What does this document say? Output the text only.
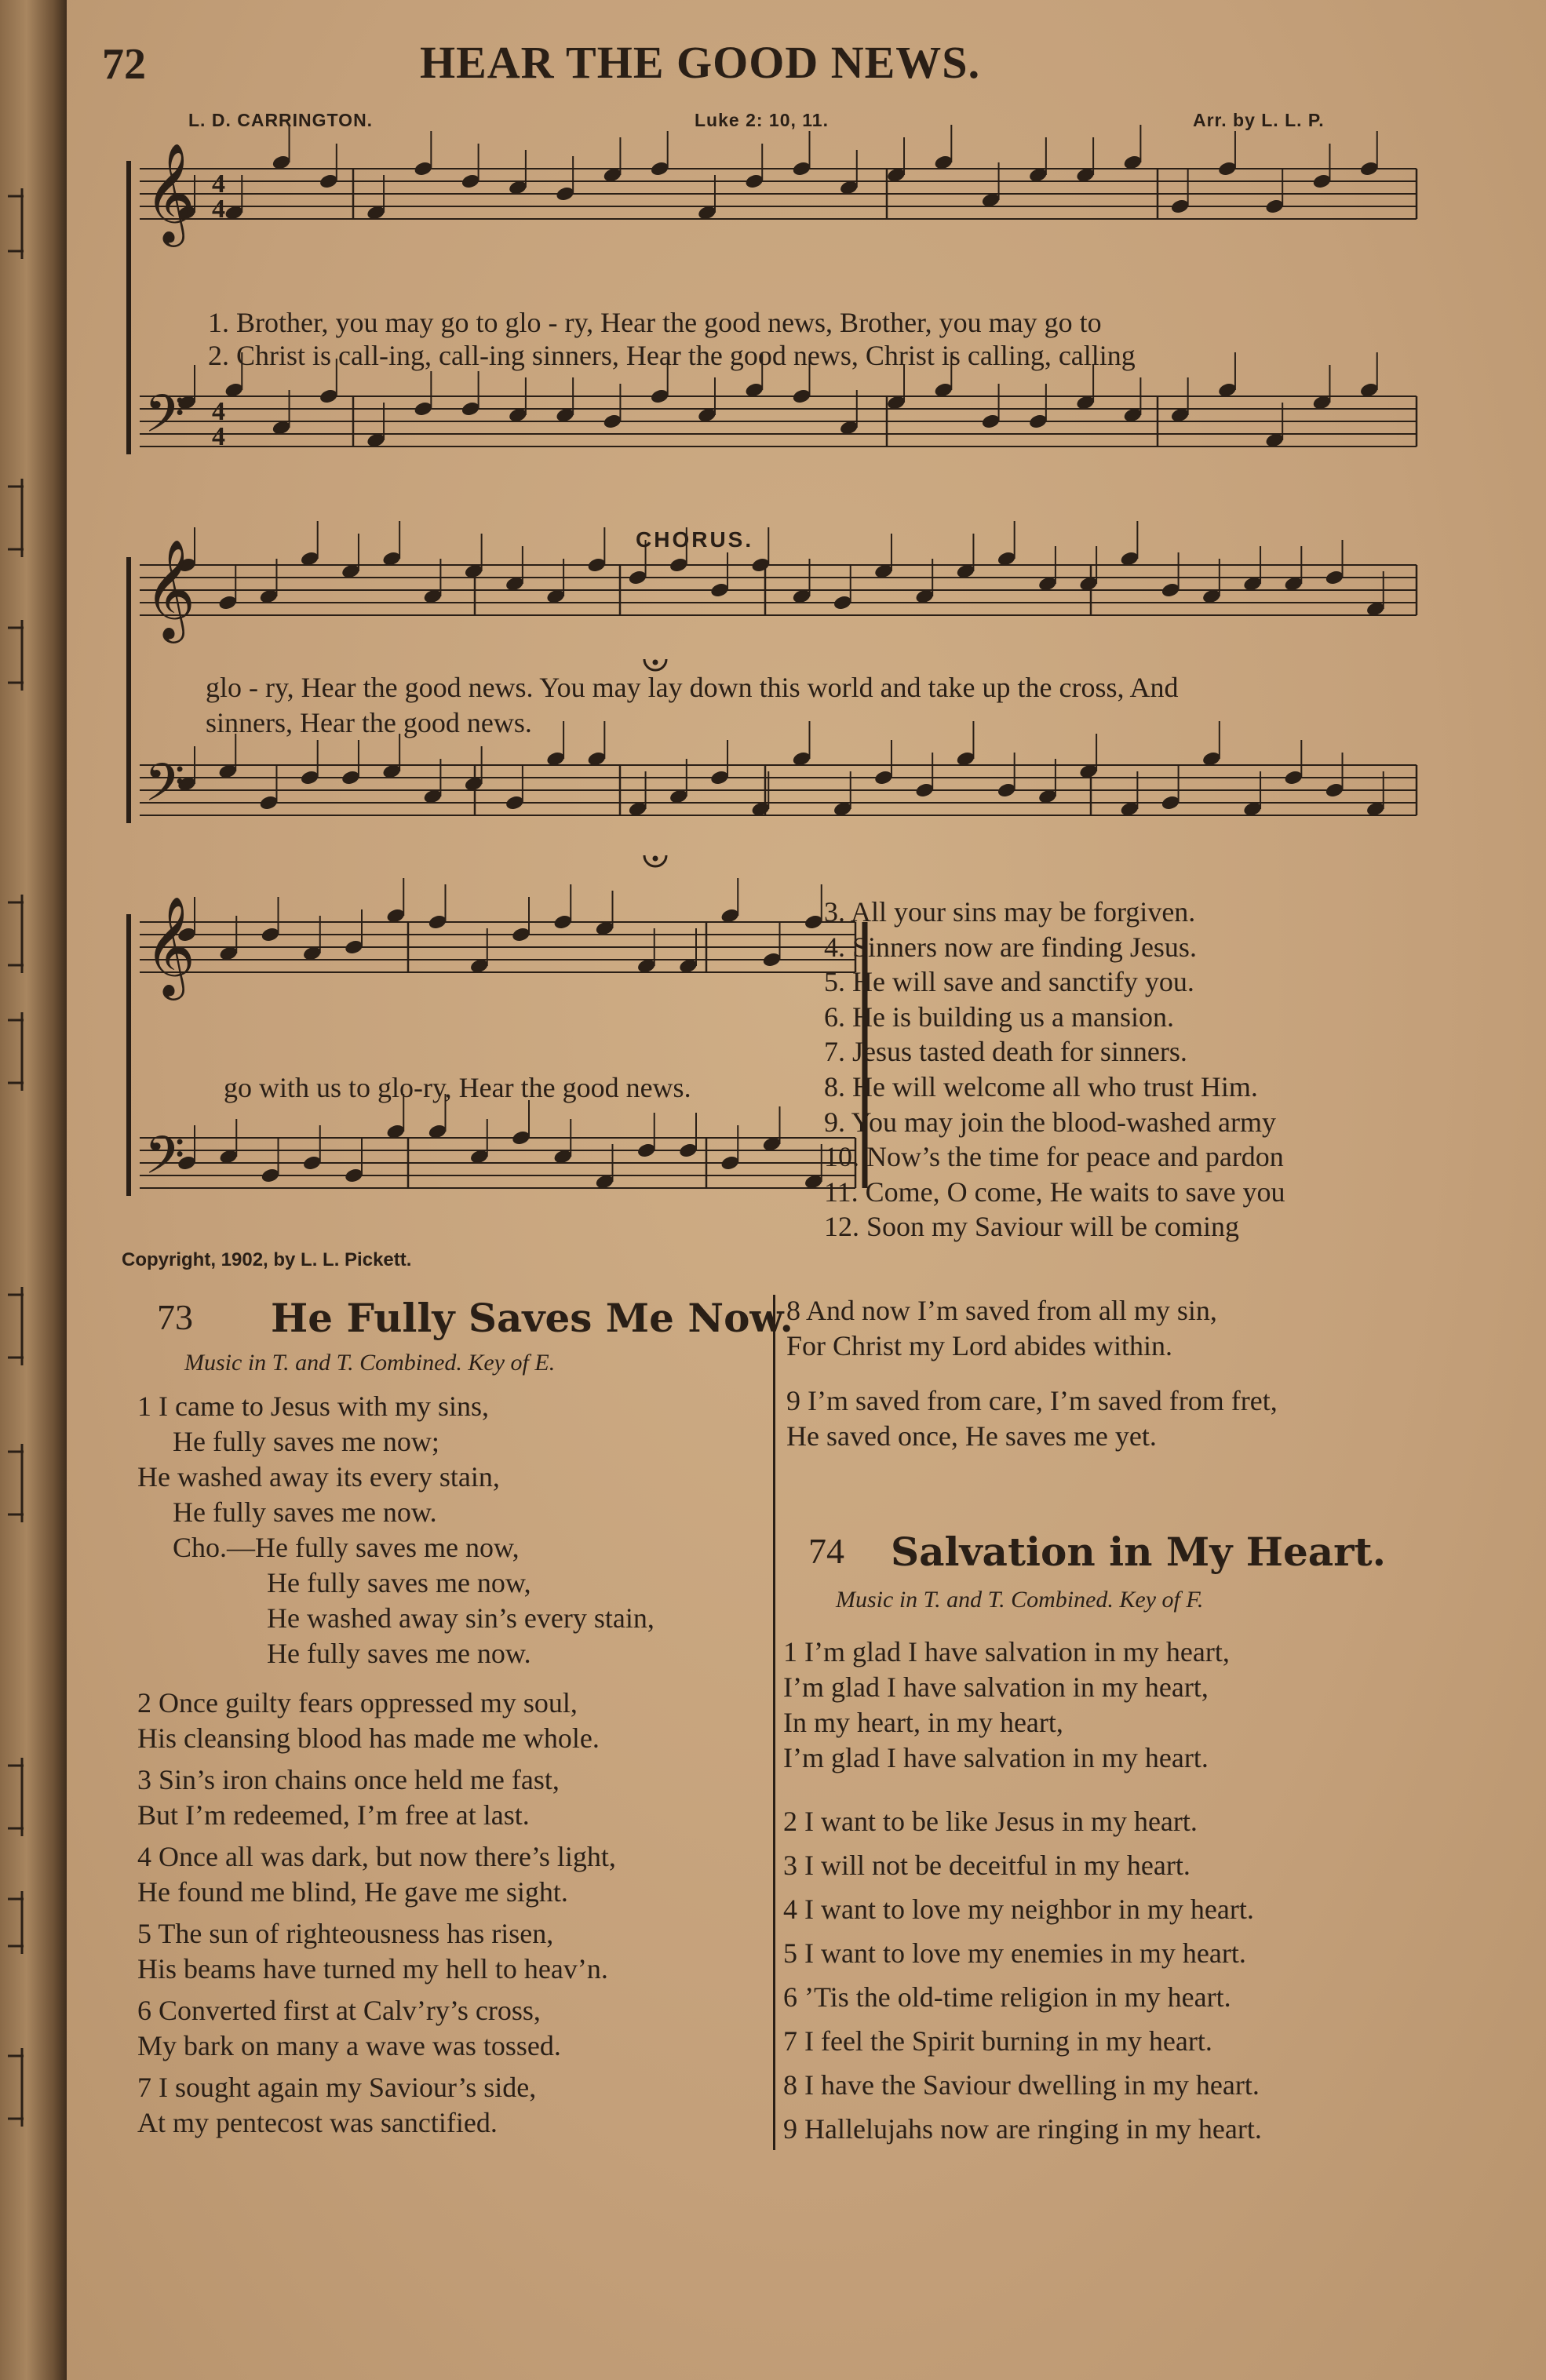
72	HEAR THE GOOD NEWS.
L. D. CARRINGTON.	Luke 2: 10, 11.	Arr. by L. L. P.
𝄞
𝄢
𝄞
𝄢
𝄞
𝄢
4
4
4
4
1. Brother, you may go to glo - ry, Hear the good news, Brother, you may go to
2. Christ is call-ing, call-ing sinners, Hear the good news, Christ is calling, calling
CHORUS.
glo - ry, Hear the good news. You may lay down this world and take up the cross, And
sinners, Hear the good news.
go with us to glo-ry, Hear the good news.
3. All your sins may be forgiven.
4. Sinners now are finding Jesus.
5. He will save and sanctify you.
6. He is building us a mansion.
7. Jesus tasted death for sinners.
8. He will welcome all who trust Him.
9. You may join the blood-washed army
10. Now’s the time for peace and pardon
11. Come, O come, He waits to save you
12. Soon my Saviour will be coming
Copyright, 1902, by L. L. Pickett.
73 He Fully Saves Me Now.
Music in T. and T. Combined. Key of E.
1 I came to Jesus with my sins,
He fully saves me now;
He washed away its every stain,
He fully saves me now.
Cho.—He fully saves me now,
He fully saves me now,
He washed away sin’s every stain,
He fully saves me now.
2 Once guilty fears oppressed my soul,
His cleansing blood has made me whole.
3 Sin’s iron chains once held me fast,
But I’m redeemed, I’m free at last.
4 Once all was dark, but now there’s light,
He found me blind, He gave me sight.
5 The sun of righteousness has risen,
His beams have turned my hell to heav’n.
6 Converted first at Calv’ry’s cross,
My bark on many a wave was tossed.
7 I sought again my Saviour’s side,
At my pentecost was sanctified.
8 And now I’m saved from all my sin,
For Christ my Lord abides within.
9 I’m saved from care, I’m saved from fret,
He saved once, He saves me yet.
74 Salvation in My Heart.
Music in T. and T. Combined. Key of F.
1 I’m glad I have salvation in my heart,
I’m glad I have salvation in my heart,
In my heart, in my heart,
I’m glad I have salvation in my heart.
2 I want to be like Jesus in my heart.
3 I will not be deceitful in my heart.
4 I want to love my neighbor in my heart.
5 I want to love my enemies in my heart.
6 ’Tis the old-time religion in my heart.
7 I feel the Spirit burning in my heart.
8 I have the Saviour dwelling in my heart.
9 Hallelujahs now are ringing in my heart.
